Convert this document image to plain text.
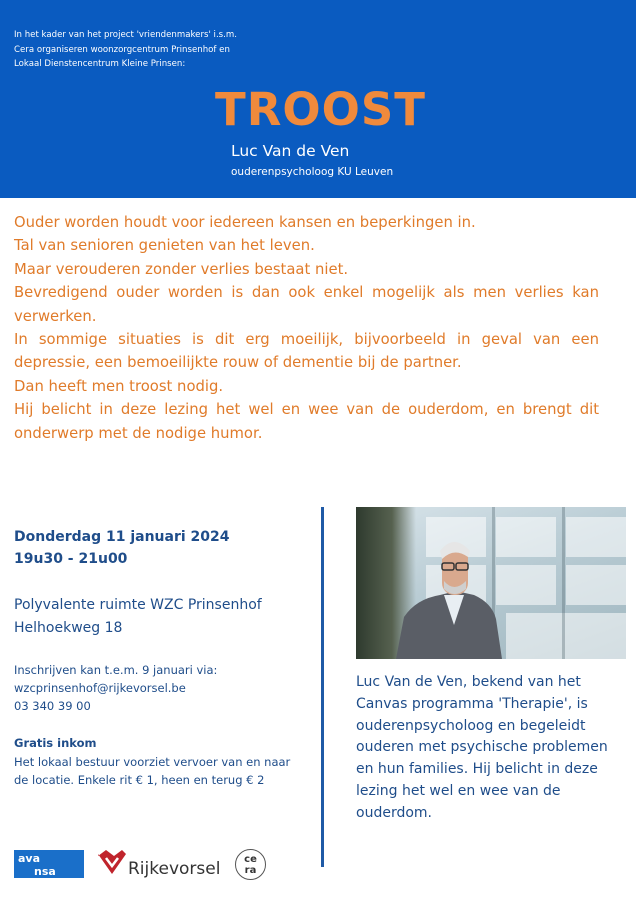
In het kader van het project 'vriendenmakers' i.s.m.
Cera organiseren woonzorgcentrum Prinsenhof en
Lokaal Dienstencentrum Kleine Prinsen:
TROOST
Luc Van de Ven
ouderenpsycholoog KU Leuven

Ouder worden houdt voor iedereen kansen en beperkingen in.

Tal van senioren genieten van het leven.

Maar verouderen zonder verlies bestaat niet.

Bevredigend ouder worden is dan ook enkel mogelijk als men verlies kan verwerken.

In sommige situaties is dit erg moeilijk, bijvoorbeeld in geval van een depressie, een bemoeilijkte rouw of dementie bij de partner.

Dan heeft men troost nodig.

Hij belicht in deze lezing het wel en wee van de ouderdom, en brengt dit onderwerp met de nodige humor.

Donderdag 11 januari 2024
19u30 - 21u00
Polyvalente ruimte WZC Prinsenhof
Helhoekweg 18
Inschrijven kan t.e.m. 9 januari via:
wzcprinsenhof@rijkevorsel.be
03 340 39 00
Gratis inkom
Het lokaal bestuur voorziet vervoer van en naar de locatie. Enkele rit € 1, heen en terug € 2
Luc Van de Ven, bekend van het Canvas programma 'Therapie', is ouderenpsycholoog en begeleidt ouderen met psychische problemen en hun families. Hij belicht in deze lezing het wel en wee van de ouderdom.
ava
nsa	Rijkevorsel	ce
ra
